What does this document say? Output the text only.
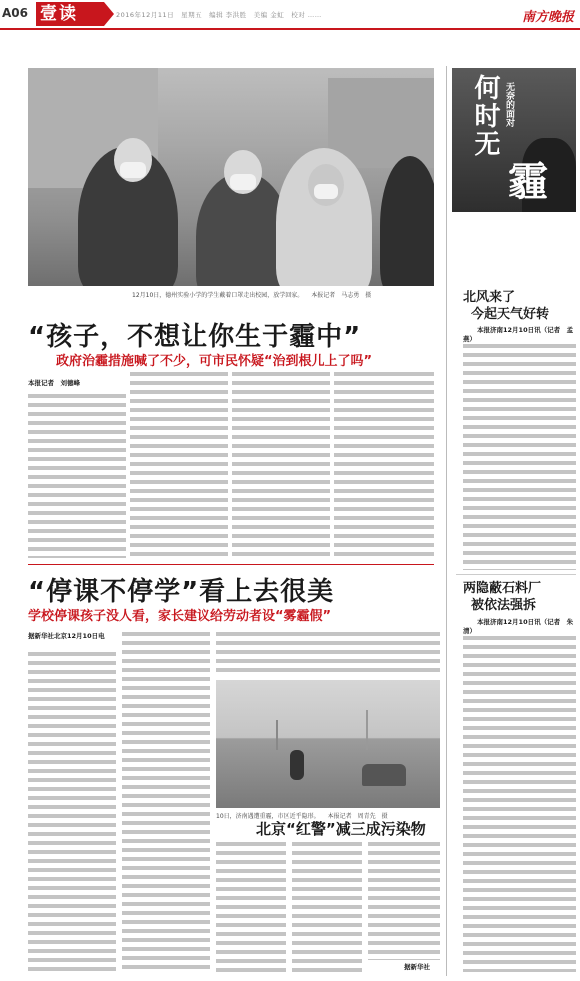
A06 壹读	2016年12月11日　星期五　编辑 李洪胜　美编 金虹　校对 ……	南方晚报
12月10日，德州实验小学的学生戴着口罩走出校园，放学回家。 本报记者　马志勇　摄
何时无 无奈的面对
霾
北风来了
今起天气好转
本报济南12月10日讯（记者　孟燕）
两隐蔽石料厂
被依法强拆
本报济南12月10日讯（记者　朱清）
“孩子，不想让你生于霾中”
政府治霾措施喊了不少，可市民怀疑“治到根儿上了吗”
本报记者　刘德峰
“停课不停学”看上去很美
学校停课孩子没人看，家长建议给劳动者设“雾霾假”
据新华社北京12月10日电
10日，济南遇遭重霾，市区近乎隐形。 本报记者　周青先　摄
北京“红警”减三成污染物
据新华社
